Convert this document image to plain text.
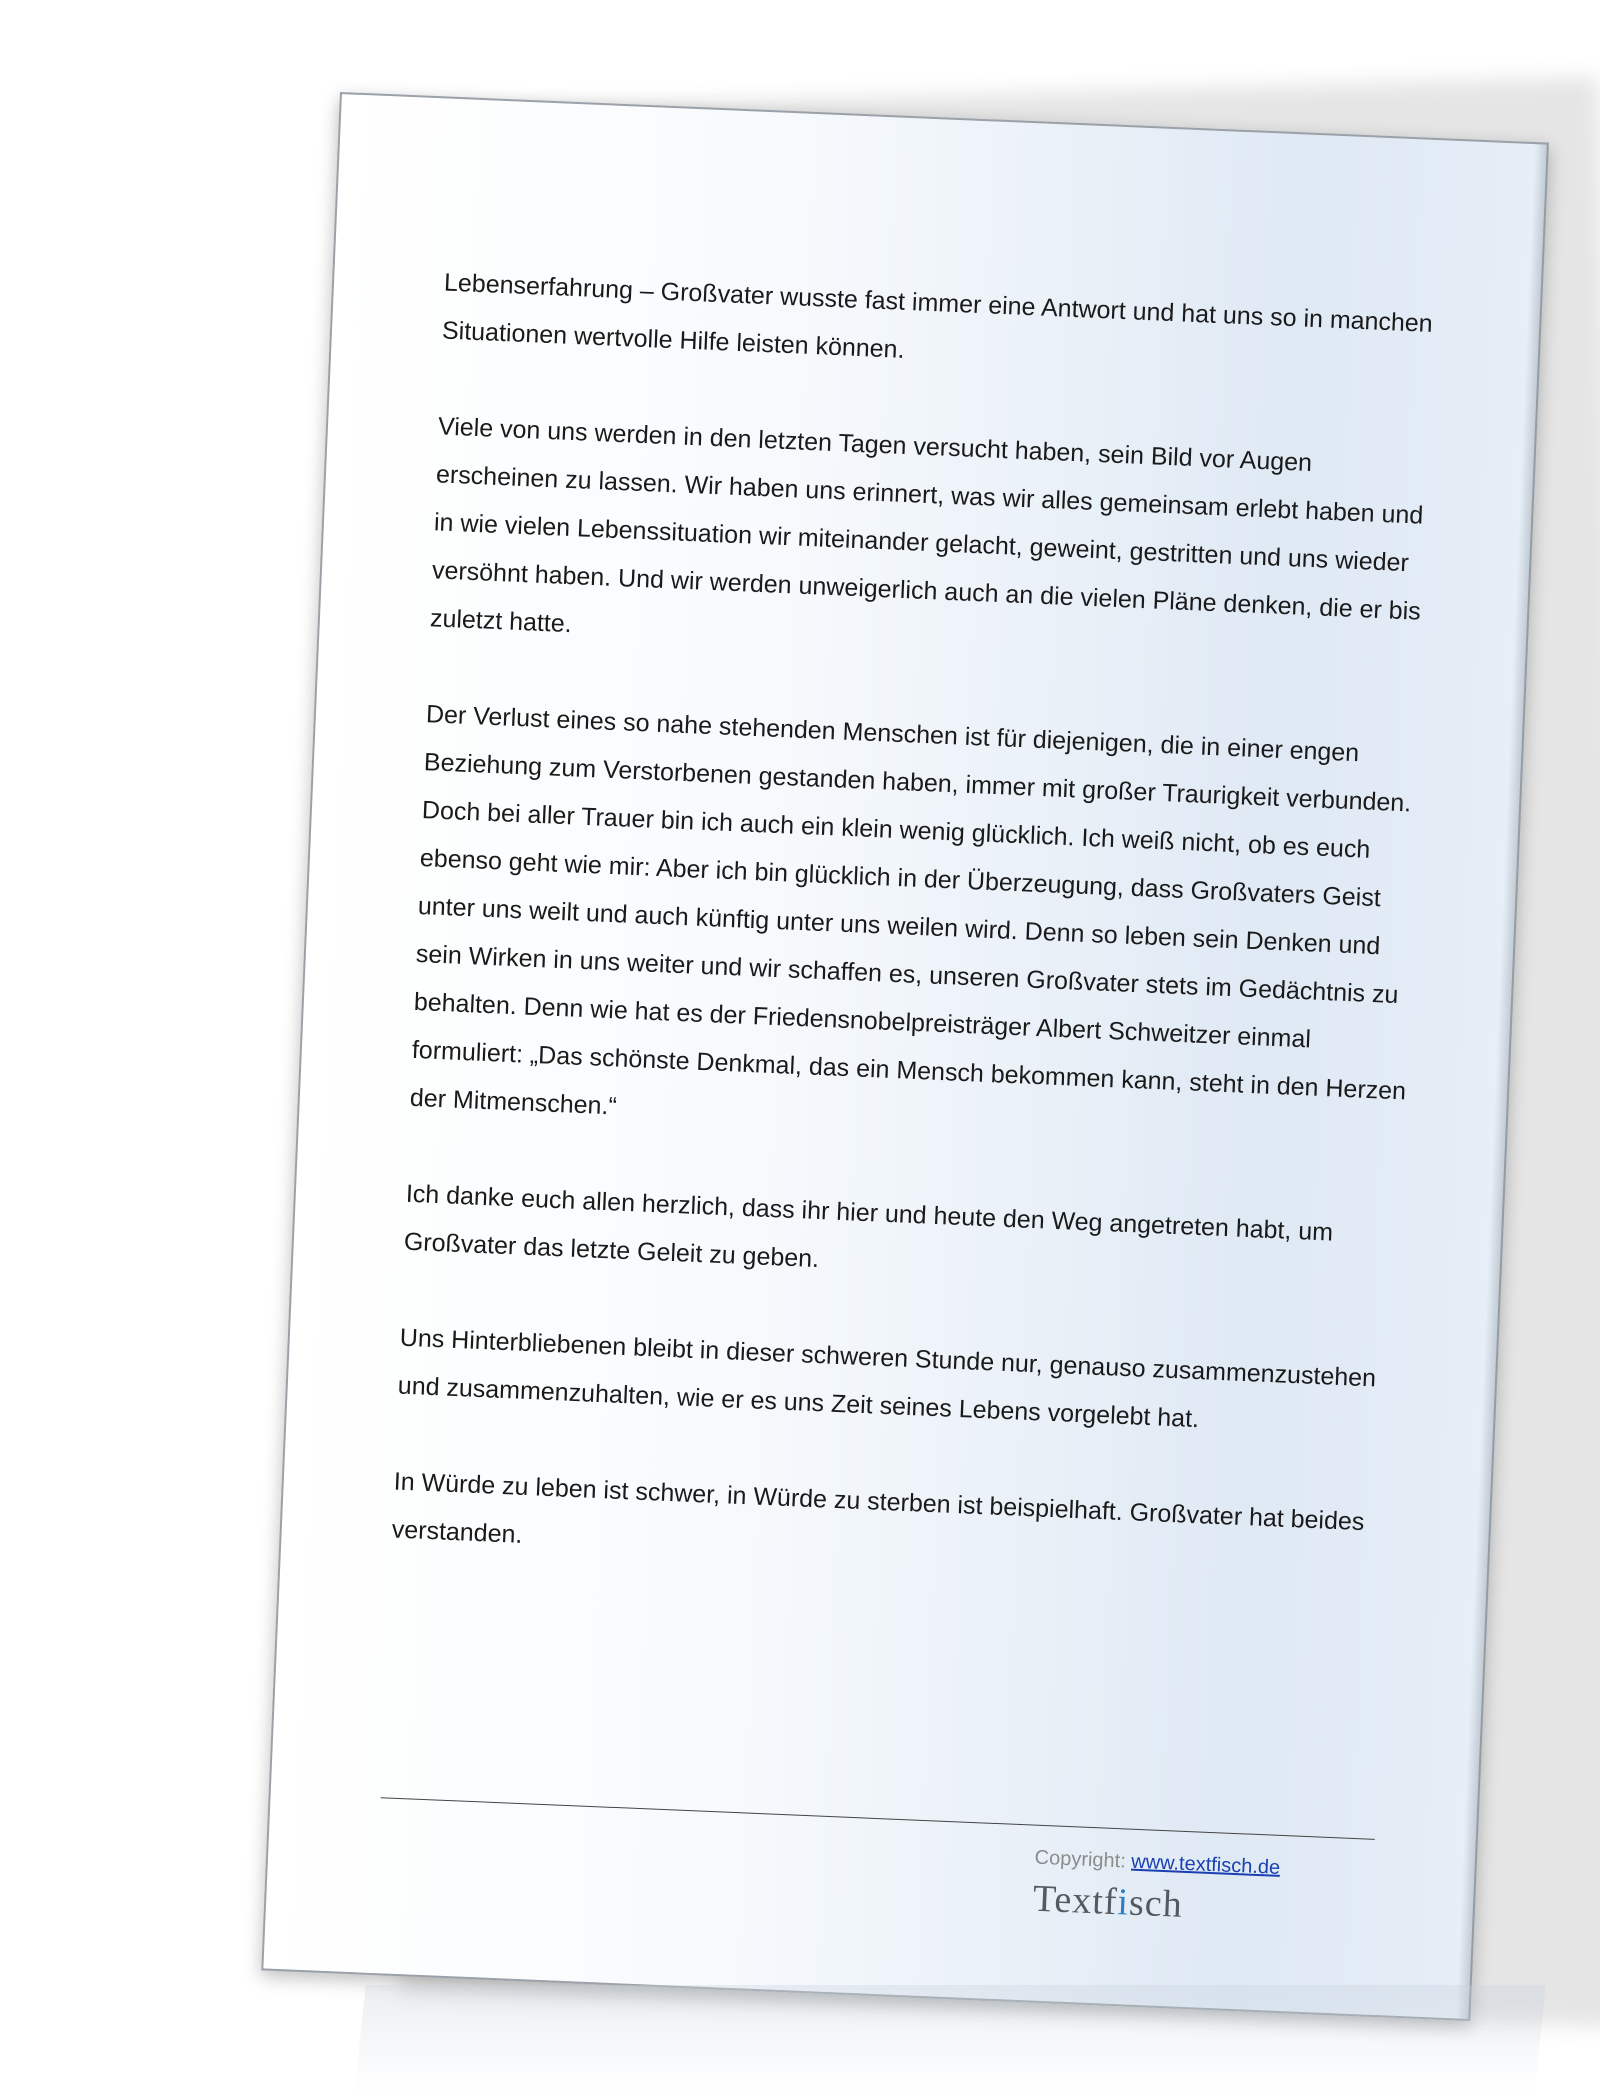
Lebenserfahrung – Großvater wusste fast immer eine Antwort und hat uns so in manchen Situationen wertvolle Hilfe leisten können.

Viele von uns werden in den letzten Tagen versucht haben, sein Bild vor Augen erscheinen zu lassen. Wir haben uns erinnert, was wir alles gemeinsam erlebt haben und in wie vielen Lebenssituation wir miteinander gelacht, geweint, gestritten und uns wieder versöhnt haben. Und wir werden unweigerlich auch an die vielen Pläne denken, die er bis zuletzt hatte.

Der Verlust eines so nahe stehenden Menschen ist für diejenigen, die in einer engen Beziehung zum Verstorbenen gestanden haben, immer mit großer Traurigkeit verbunden. Doch bei aller Trauer bin ich auch ein klein wenig glücklich. Ich weiß nicht, ob es euch ebenso geht wie mir: Aber ich bin glücklich in der Überzeugung, dass Großvaters Geist unter uns weilt und auch künftig unter uns weilen wird. Denn so leben sein Denken und sein Wirken in uns weiter und wir schaffen es, unseren Großvater stets im Gedächtnis zu behalten. Denn wie hat es der Friedensnobelpreisträger Albert Schweitzer einmal formuliert: „Das schönste Denkmal, das ein Mensch bekommen kann, steht in den Herzen der Mitmenschen.“

Ich danke euch allen herzlich, dass ihr hier und heute den Weg angetreten habt, um Großvater das letzte Geleit zu geben.

Uns Hinterbliebenen bleibt in dieser schweren Stunde nur, genauso zusammenzustehen und zusammenzuhalten, wie er es uns Zeit seines Lebens vorgelebt hat.

In Würde zu leben ist schwer, in Würde zu sterben ist beispielhaft. Großvater hat beides verstanden.

Copyright: www.textfisch.de
Textfisch
